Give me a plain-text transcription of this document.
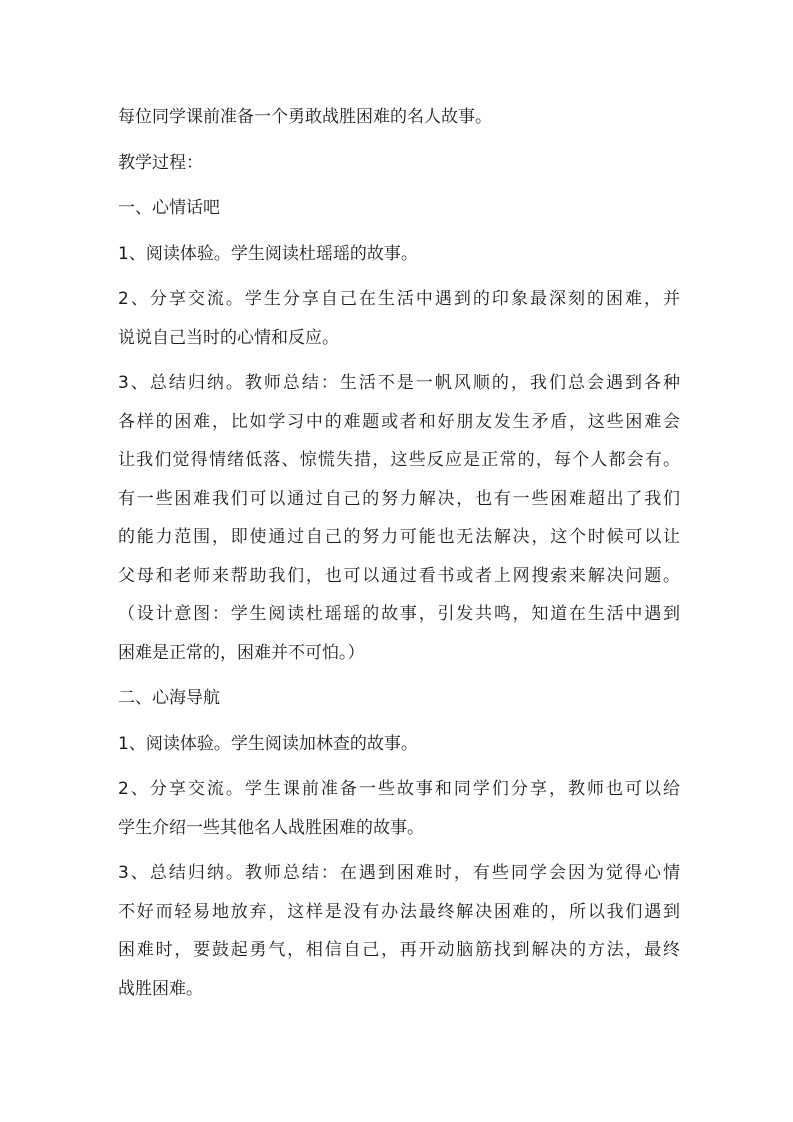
每位同学课前准备一个勇敢战胜困难的名人故事。

教学过程：

一、心情话吧

1、阅读体验。学生阅读杜瑶瑶的故事。

2、分享交流。学生分享自己在生活中遇到的印象最深刻的困难，并
说说自己当时的心情和反应。

3、总结归纳。教师总结：生活不是一帆风顺的，我们总会遇到各种
各样的困难，比如学习中的难题或者和好朋友发生矛盾，这些困难会
让我们觉得情绪低落、惊慌失措，这些反应是正常的，每个人都会有。
有一些困难我们可以通过自己的努力解决，也有一些困难超出了我们
的能力范围，即使通过自己的努力可能也无法解决，这个时候可以让
父母和老师来帮助我们，也可以通过看书或者上网搜索来解决问题。
（设计意图：学生阅读杜瑶瑶的故事，引发共鸣，知道在生活中遇到
困难是正常的，困难并不可怕。）

二、心海导航

1、阅读体验。学生阅读加林查的故事。

2、分享交流。学生课前准备一些故事和同学们分享，教师也可以给
学生介绍一些其他名人战胜困难的故事。

3、总结归纳。教师总结：在遇到困难时，有些同学会因为觉得心情
不好而轻易地放弃，这样是没有办法最终解决困难的，所以我们遇到
困难时，要鼓起勇气，相信自己，再开动脑筋找到解决的方法，最终
战胜困难。
